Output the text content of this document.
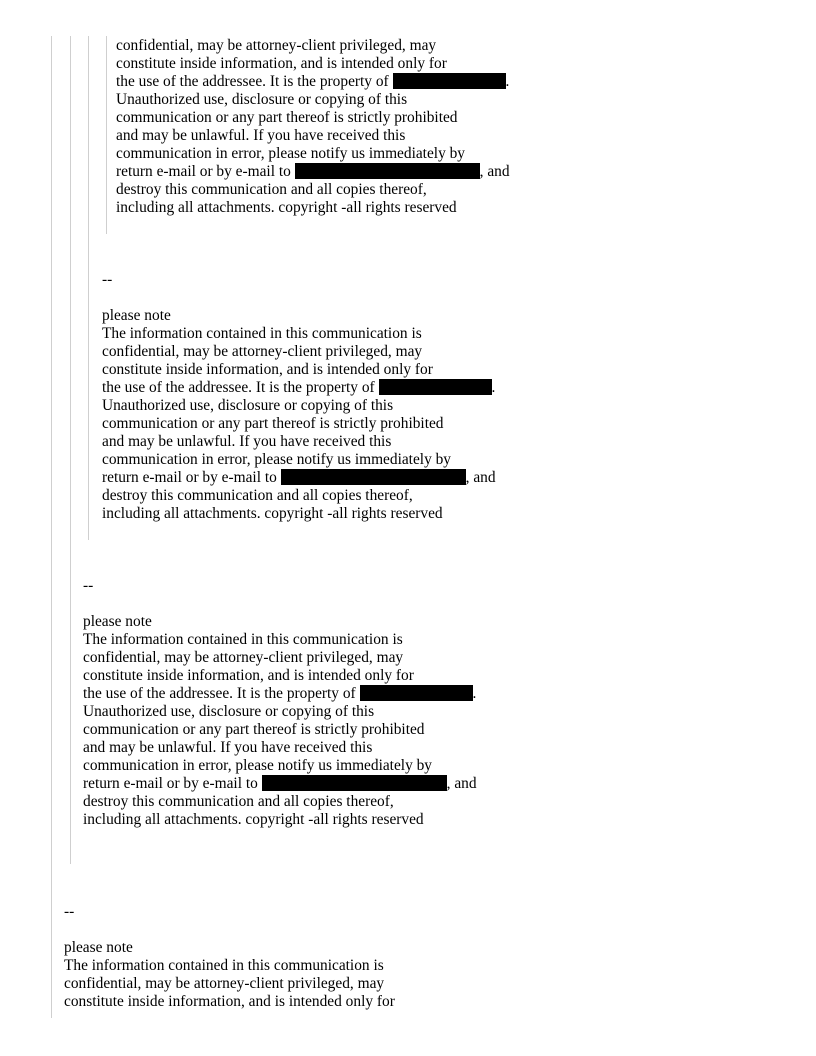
confidential, may be attorney-client privileged, may
constitute inside information, and is intended only for
the use of the addressee. It is the property of	.
Unauthorized use, disclosure or copying of this
communication or any part thereof is strictly prohibited
and may be unlawful. If you have received this
communication in error, please notify us immediately by
return e-mail or by e-mail to	, and
destroy this communication and all copies thereof,
including all attachments. copyright -all rights reserved
--
please note
The information contained in this communication is
confidential, may be attorney-client privileged, may
constitute inside information, and is intended only for
the use of the addressee. It is the property of	.
Unauthorized use, disclosure or copying of this
communication or any part thereof is strictly prohibited
and may be unlawful. If you have received this
communication in error, please notify us immediately by
return e-mail or by e-mail to	, and
destroy this communication and all copies thereof,
including all attachments. copyright -all rights reserved
--
please note
The information contained in this communication is
confidential, may be attorney-client privileged, may
constitute inside information, and is intended only for
the use of the addressee. It is the property of	.
Unauthorized use, disclosure or copying of this
communication or any part thereof is strictly prohibited
and may be unlawful. If you have received this
communication in error, please notify us immediately by
return e-mail or by e-mail to	, and
destroy this communication and all copies thereof,
including all attachments. copyright -all rights reserved
--
please note
The information contained in this communication is
confidential, may be attorney-client privileged, may
constitute inside information, and is intended only for
